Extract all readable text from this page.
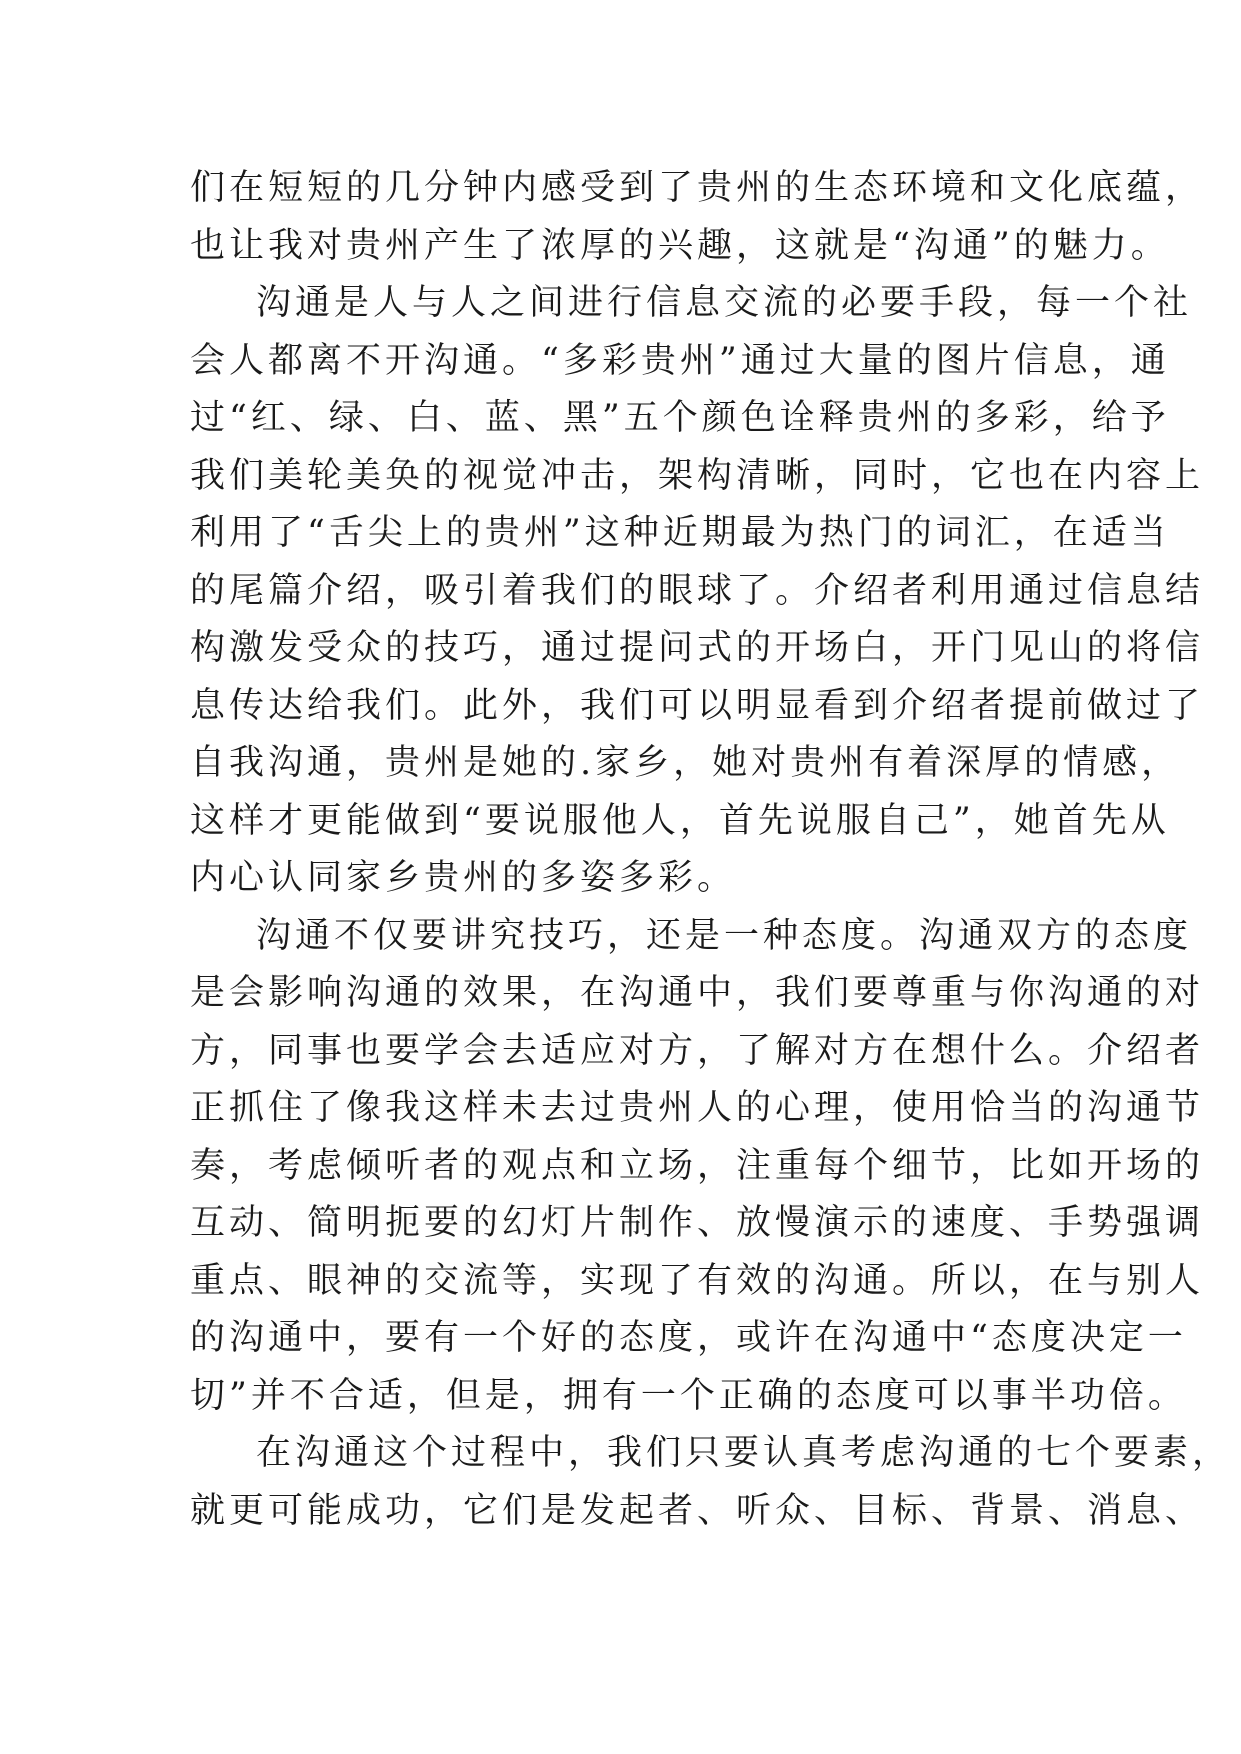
们在短短的几分钟内感受到了贵州的生态环境和文化底蕴，
也让我对贵州产生了浓厚的兴趣，这就是“沟通”的魅力。
沟通是人与人之间进行信息交流的必要手段，每一个社
会人都离不开沟通。“多彩贵州”通过大量的图片信息，通
过“红、绿、白、蓝、黑”五个颜色诠释贵州的多彩，给予
我们美轮美奂的视觉冲击，架构清晰，同时，它也在内容上
利用了“舌尖上的贵州”这种近期最为热门的词汇，在适当
的尾篇介绍，吸引着我们的眼球了。介绍者利用通过信息结
构激发受众的技巧，通过提问式的开场白，开门见山的将信
息传达给我们。此外，我们可以明显看到介绍者提前做过了
自我沟通，贵州是她的.家乡，她对贵州有着深厚的情感，
这样才更能做到“要说服他人，首先说服自己”，她首先从
内心认同家乡贵州的多姿多彩。
沟通不仅要讲究技巧，还是一种态度。沟通双方的态度
是会影响沟通的效果，在沟通中，我们要尊重与你沟通的对
方，同事也要学会去适应对方，了解对方在想什么。介绍者
正抓住了像我这样未去过贵州人的心理，使用恰当的沟通节
奏，考虑倾听者的观点和立场，注重每个细节，比如开场的
互动、简明扼要的幻灯片制作、放慢演示的速度、手势强调
重点、眼神的交流等，实现了有效的沟通。所以，在与别人
的沟通中，要有一个好的态度，或许在沟通中“态度决定一
切”并不合适，但是，拥有一个正确的态度可以事半功倍。
在沟通这个过程中，我们只要认真考虑沟通的七个要素，
就更可能成功，它们是发起者、听众、目标、背景、消息、
